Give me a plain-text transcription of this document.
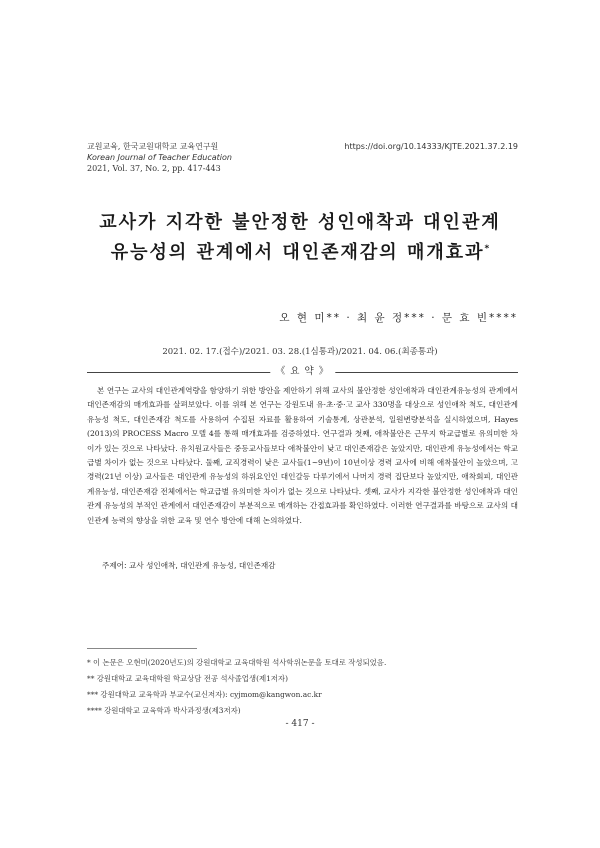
교원교육, 한국교원대학교 교육연구원
Korean Journal of Teacher Education
2021, Vol. 37, No. 2, pp. 417-443
https://doi.org/10.14333/KJTE.2021.37.2.19
교사가 지각한 불안정한 성인애착과 대인관계
유능성의 관계에서 대인존재감의 매개효과*
오 현 미** · 최 윤 정*** · 문 효 빈****
2021. 02. 17.(접수)/2021. 03. 28.(1심통과)/2021. 04. 06.(최종통과)
《 요 약 》
본 연구는 교사의 대인관계역량을 함양하기 위한 방안을 제안하기 위해 교사의 불안정한 성인애착과 대인관계유능성의 관계에서 대인존재감의 매개효과를 살펴보았다. 이를 위해 본 연구는 강원도내 유·초·중·고 교사 330명을 대상으로 성인애착 척도, 대인관계유능성 척도, 대인존재감 척도를 사용하여 수집된 자료를 활용하여 기술통계, 상관분석, 일원변량분석을 실시하였으며, Hayes (2013)의 PROCESS Macro 모델 4를 통해 매개효과를 검증하였다. 연구결과 첫째, 애착불안은 근무지 학교급별로 유의미한 차이가 있는 것으로 나타났다. 유치원교사들은 중등교사들보다 애착불안이 낮고 대인존재감은 높았지만, 대인관계 유능성에서는 학교급별 차이가 없는 것으로 나타났다. 둘째, 교직경력이 낮은 교사들(1~9년)이 10년이상 경력 교사에 비해 애착불안이 높았으며, 고경력(21년 이상) 교사들은 대인관계 유능성의 하위요인인 대인갈등 다루기에서 나머지 경력 집단보다 높았지만, 애착회피, 대인관계유능성, 대인존재감 전체에서는 학교급별 유의미한 차이가 없는 것으로 나타났다. 셋째, 교사가 지각한 불안정한 성인애착과 대인관계 유능성의 부적인 관계에서 대인존재감이 부분적으로 매개하는 간접효과를 확인하였다. 이러한 연구결과를 바탕으로 교사의 대인관계 능력의 향상을 위한 교육 및 연수 방안에 대해 논의하였다.
주제어: 교사 성인애착, 대인관계 유능성, 대인존재감
* 이 논문은 오현미(2020년도)의 강원대학교 교육대학원 석사학위논문을 토대로 작성되었음.
** 강원대학교 교육대학원 학교상담 전공 석사졸업생(제1저자)
*** 강원대학교 교육학과 부교수(교신저자): cyjmom@kangwon.ac.kr
**** 강원대학교 교육학과 박사과정생(제3저자)
- 417 -
